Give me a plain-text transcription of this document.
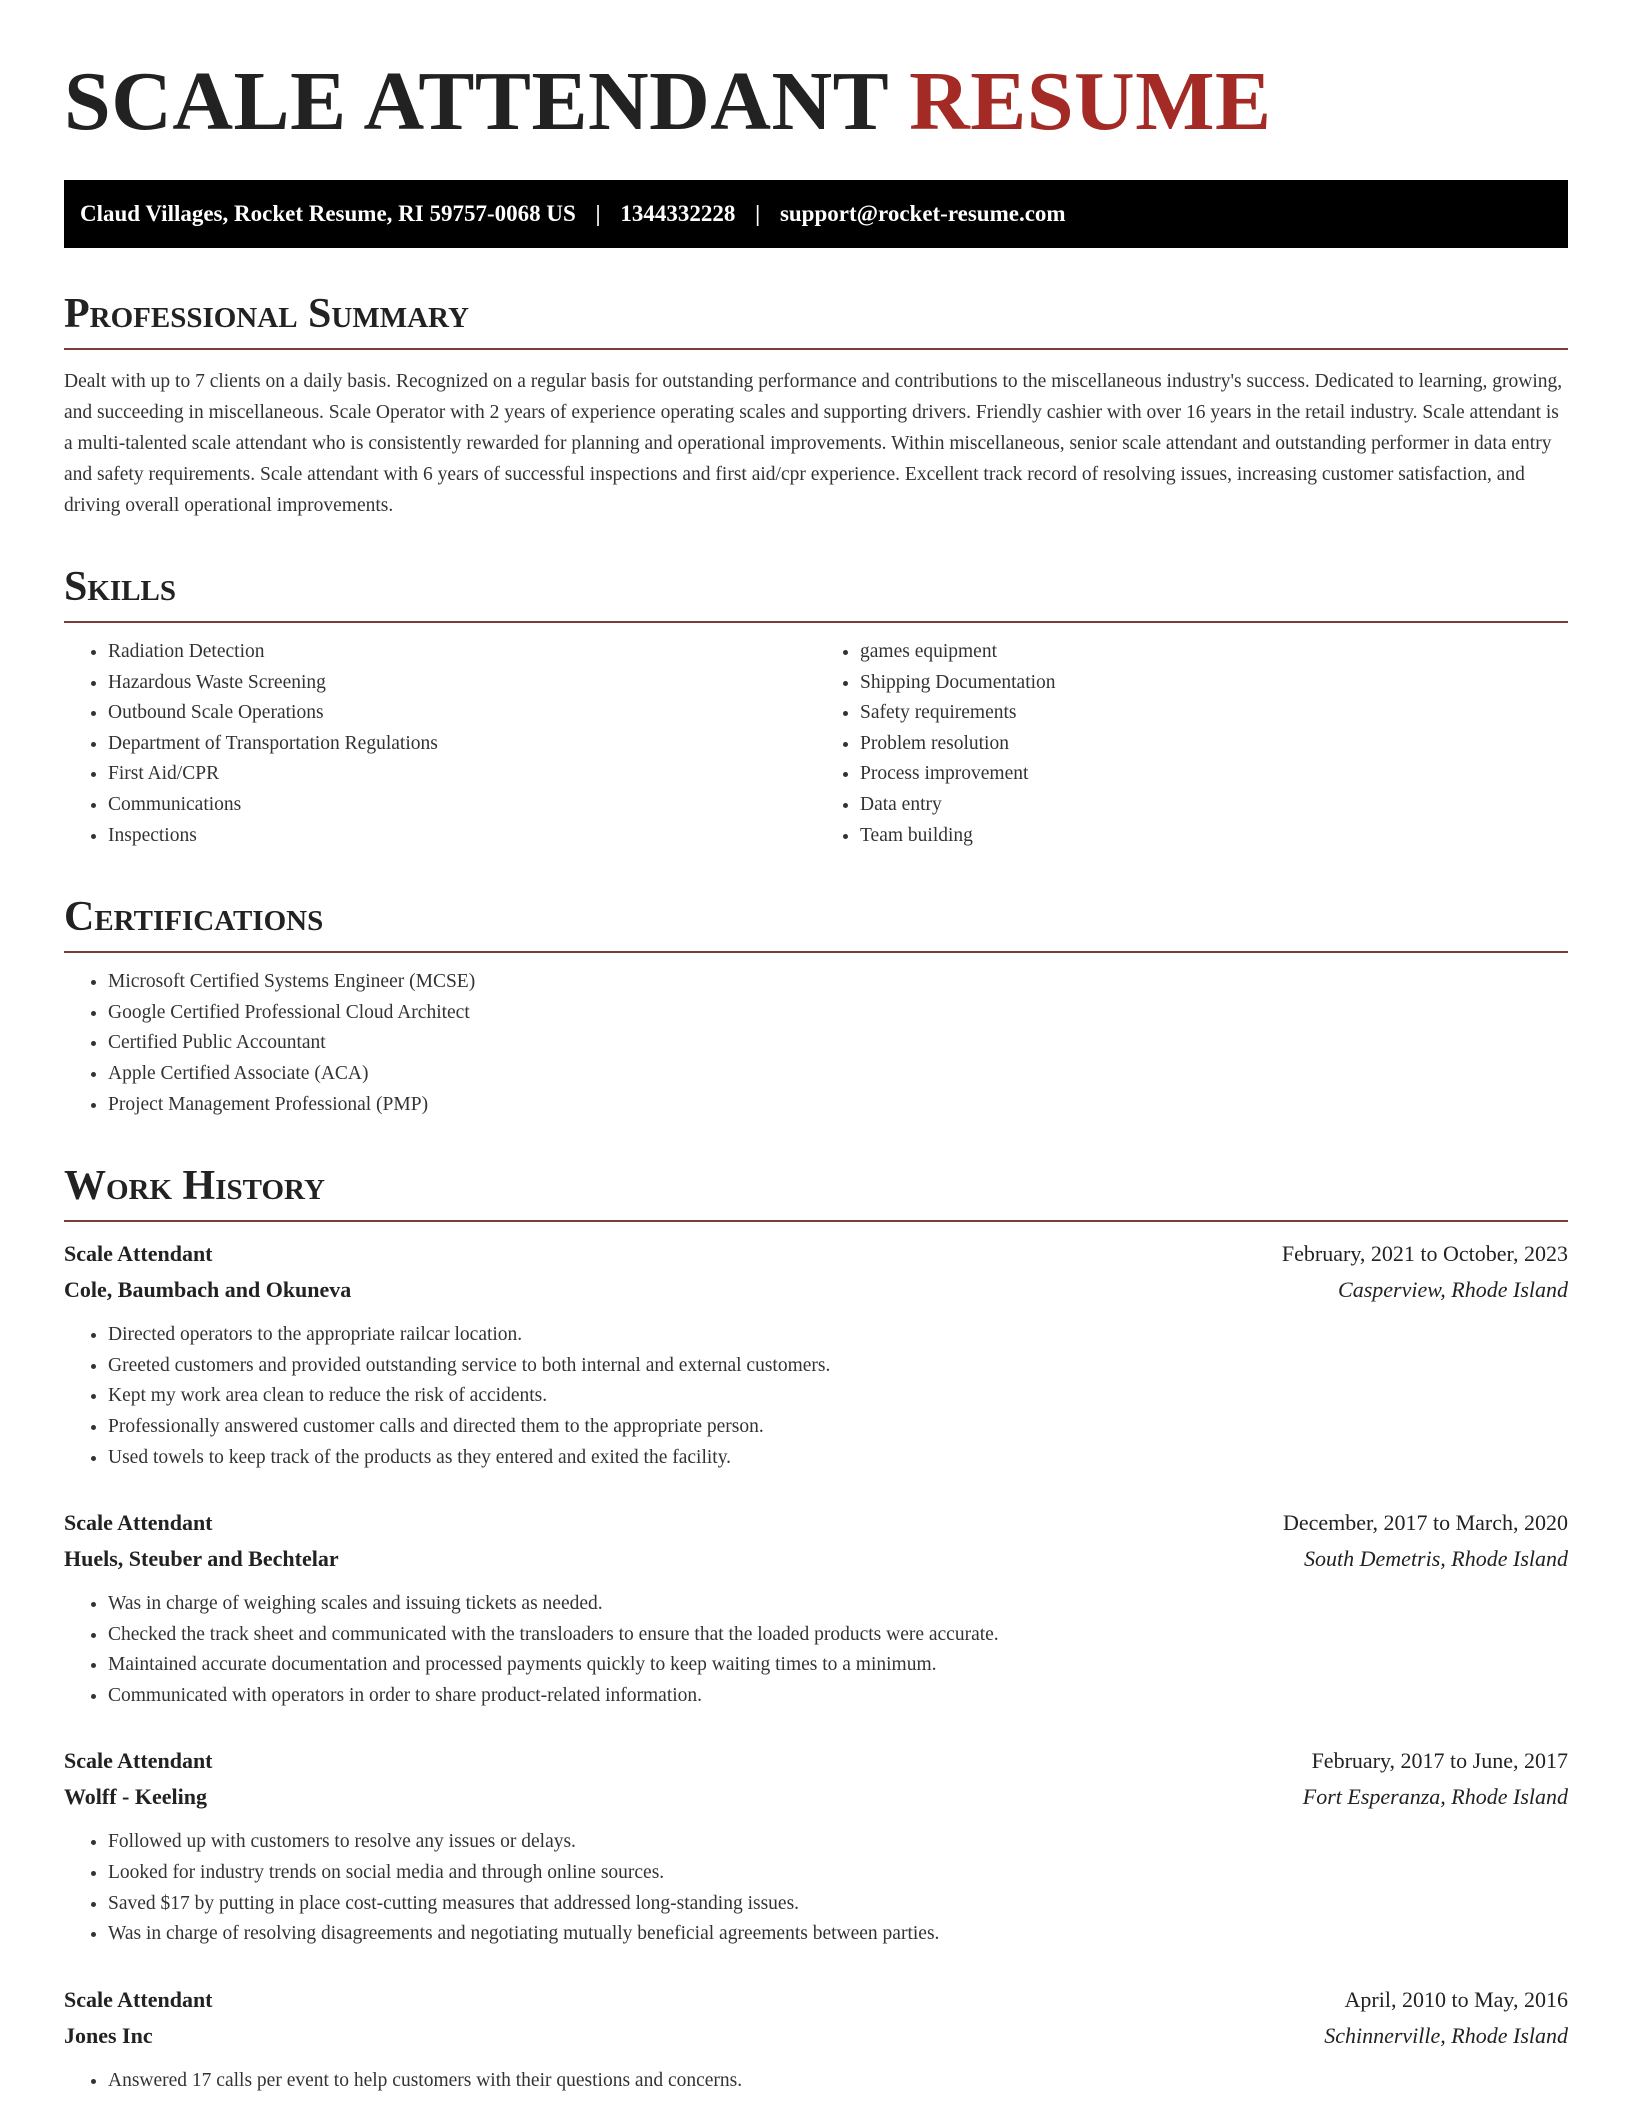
SCALE ATTENDANT RESUME
Claud Villages, Rocket Resume, RI 59757-0068 US | 1344332228 | support@rocket-resume.com
Professional Summary

Dealt with up to 7 clients on a daily basis. Recognized on a regular basis for outstanding performance and contributions to the miscellaneous industry's success. Dedicated to learning, growing, and succeeding in miscellaneous. Scale Operator with 2 years of experience operating scales and supporting drivers. Friendly cashier with over 16 years in the retail industry. Scale attendant is a multi-talented scale attendant who is consistently rewarded for planning and operational improvements. Within miscellaneous, senior scale attendant and outstanding performer in data entry and safety requirements. Scale attendant with 6 years of successful inspections and first aid/cpr experience. Excellent track record of resolving issues, increasing customer satisfaction, and driving overall operational improvements.

Skills
• Radiation Detection
• Hazardous Waste Screening
• Outbound Scale Operations
• Department of Transportation Regulations
• First Aid/CPR
• Communications
• Inspections
• games equipment
• Shipping Documentation
• Safety requirements
• Problem resolution
• Process improvement
• Data entry
• Team building
Certifications
• Microsoft Certified Systems Engineer (MCSE)
• Google Certified Professional Cloud Architect
• Certified Public Accountant
• Apple Certified Associate (ACA)
• Project Management Professional (PMP)
Work History
Scale Attendant	February, 2021 to October, 2023
Cole, Baumbach and Okuneva	Casperview, Rhode Island
• Directed operators to the appropriate railcar location.
• Greeted customers and provided outstanding service to both internal and external customers.
• Kept my work area clean to reduce the risk of accidents.
• Professionally answered customer calls and directed them to the appropriate person.
• Used towels to keep track of the products as they entered and exited the facility.
Scale Attendant	December, 2017 to March, 2020
Huels, Steuber and Bechtelar	South Demetris, Rhode Island
• Was in charge of weighing scales and issuing tickets as needed.
• Checked the track sheet and communicated with the transloaders to ensure that the loaded products were accurate.
• Maintained accurate documentation and processed payments quickly to keep waiting times to a minimum.
• Communicated with operators in order to share product-related information.
Scale Attendant	February, 2017 to June, 2017
Wolff - Keeling	Fort Esperanza, Rhode Island
• Followed up with customers to resolve any issues or delays.
• Looked for industry trends on social media and through online sources.
• Saved $17 by putting in place cost-cutting measures that addressed long-standing issues.
• Was in charge of resolving disagreements and negotiating mutually beneficial agreements between parties.
Scale Attendant	April, 2010 to May, 2016
Jones Inc	Schinnerville, Rhode Island
• Answered 17 calls per event to help customers with their questions and concerns.
